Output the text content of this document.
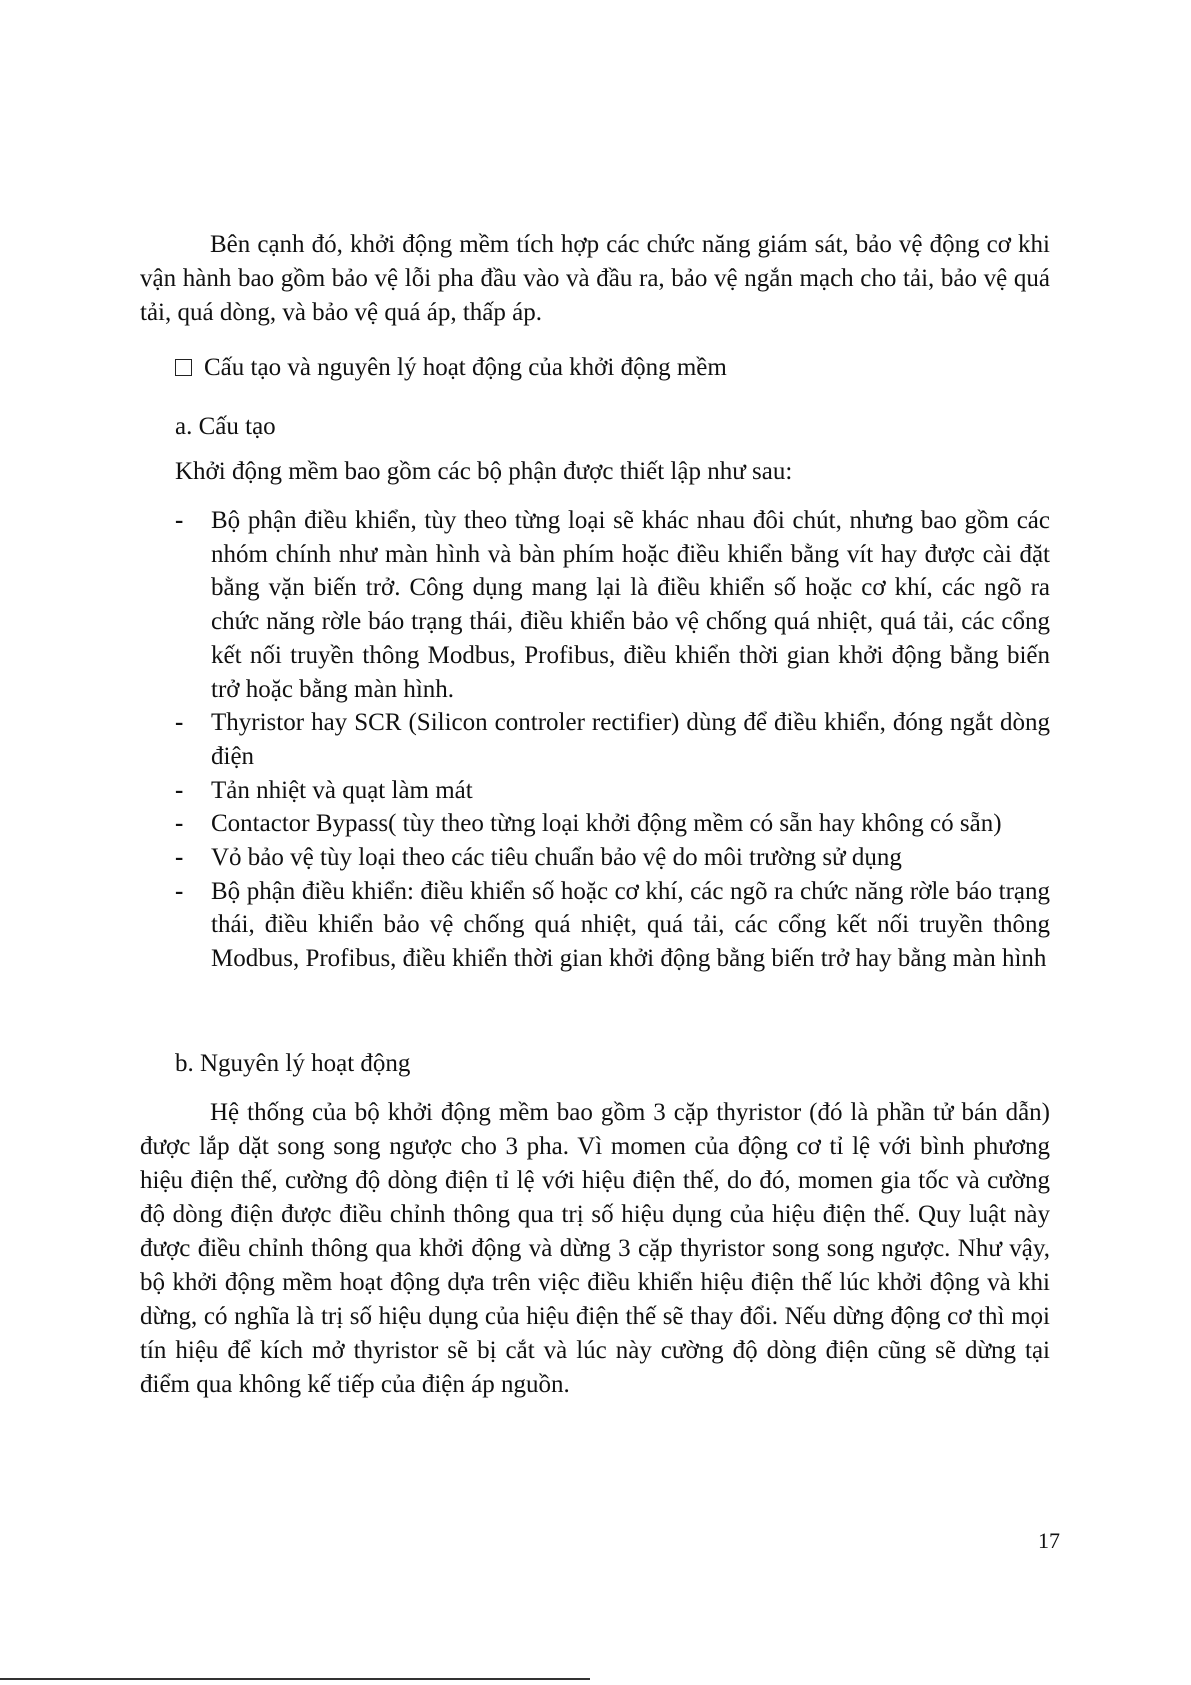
Bên cạnh đó, khởi động mềm tích hợp các chức năng giám sát, bảo vệ động cơ khi vận hành bao gồm bảo vệ lỗi pha đầu vào và đầu ra, bảo vệ ngắn mạch cho tải, bảo vệ quá tải, quá dòng, và bảo vệ quá áp, thấp áp.

Cấu tạo và nguyên lý hoạt động của khởi động mềm

a. Cấu tạo

Khởi động mềm bao gồm các bộ phận được thiết lập như sau:

-	Bộ phận điều khiển, tùy theo từng loại sẽ khác nhau đôi chút, nhưng bao gồm các nhóm chính như màn hình và bàn phím hoặc điều khiển bằng vít hay được cài đặt bằng vặn biến trở. Công dụng mang lại là điều khiển số hoặc cơ khí, các ngõ ra chức năng rờle báo trạng thái, điều khiển bảo vệ chống quá nhiệt, quá tải, các cổng kết nối truyền thông Modbus, Profibus, điều khiển thời gian khởi động bằng biến trở hoặc bằng màn hình.
-	Thyristor hay SCR (Silicon controler rectifier) dùng để điều khiển, đóng ngắt dòng điện
-	Tản nhiệt và quạt làm mát
-	Contactor Bypass( tùy theo từng loại khởi động mềm có sẵn hay không có sẵn)
-	Vỏ bảo vệ tùy loại theo các tiêu chuẩn bảo vệ do môi trường sử dụng
-	Bộ phận điều khiển: điều khiển số hoặc cơ khí, các ngõ ra chức năng rờle báo trạng thái, điều khiển bảo vệ chống quá nhiệt, quá tải, các cổng kết nối truyền thông Modbus, Profibus, điều khiển thời gian khởi động bằng biến trở hay bằng màn hình

b. Nguyên lý hoạt động

Hệ thống của bộ khởi động mềm bao gồm 3 cặp thyristor (đó là phần tử bán dẫn) được lắp dặt song song ngược cho 3 pha. Vì momen của động cơ tỉ lệ với bình phương hiệu điện thế, cường độ dòng điện tỉ lệ với hiệu điện thế, do đó, momen gia tốc và cường độ dòng điện được điều chỉnh thông qua trị số hiệu dụng của hiệu điện thế. Quy luật này được điều chỉnh thông qua khởi động và dừng 3 cặp thyristor song song ngược. Như vậy, bộ khởi động mềm hoạt động dựa trên việc điều khiển hiệu điện thế lúc khởi động và khi dừng, có nghĩa là trị số hiệu dụng của hiệu điện thế sẽ thay đổi. Nếu dừng động cơ thì mọi tín hiệu để kích mở thyristor sẽ bị cắt và lúc này cường độ dòng điện cũng sẽ dừng tại điểm qua không kế tiếp của điện áp nguồn.

17
